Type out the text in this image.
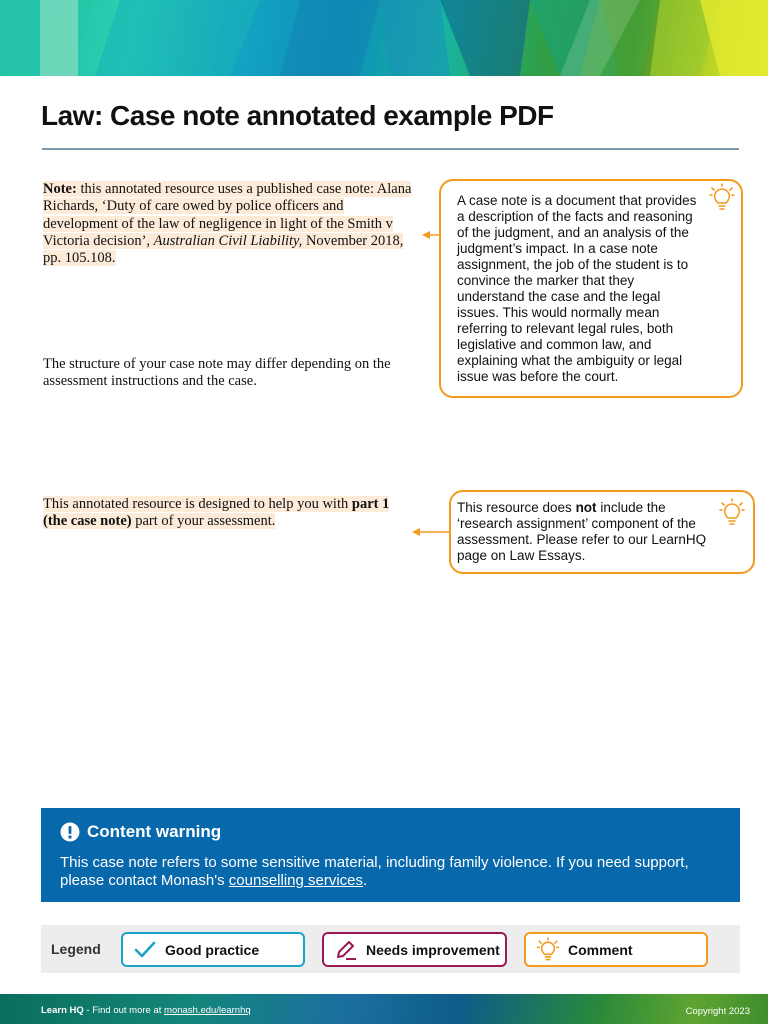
Law: Case note annotated example PDF
Note: this annotated resource uses a published case note: Alana Richards, ‘Duty of care owed by police officers and development of the law of negligence in light of the Smith v Victoria decision’, Australian Civil Liability, November 2018, pp. 105.108.
The structure of your case note may differ depending on the assessment instructions and the case.
This annotated resource is designed to help you with part 1 (the case note) part of your assessment.
A case note is a document that provides a description of the facts and reasoning of the judgment, and an analysis of the judgment’s impact. In a case note assignment, the job of the student is to convince the marker that they understand the case and the legal issues. This would normally mean referring to relevant legal rules, both legislative and common law, and explaining what the ambiguity or legal issue was before the court.
This resource does not include the ‘research assignment’ component of the assessment. Please refer to our LearnHQ page on Law Essays.
Content warning
This case note refers to some sensitive material, including family violence. If you need support, please contact Monash's counselling services.
Legend	Good practice	Needs improvement	Comment
Learn HQ - Find out more at monash.edu/learnhq	Copyright 2023
